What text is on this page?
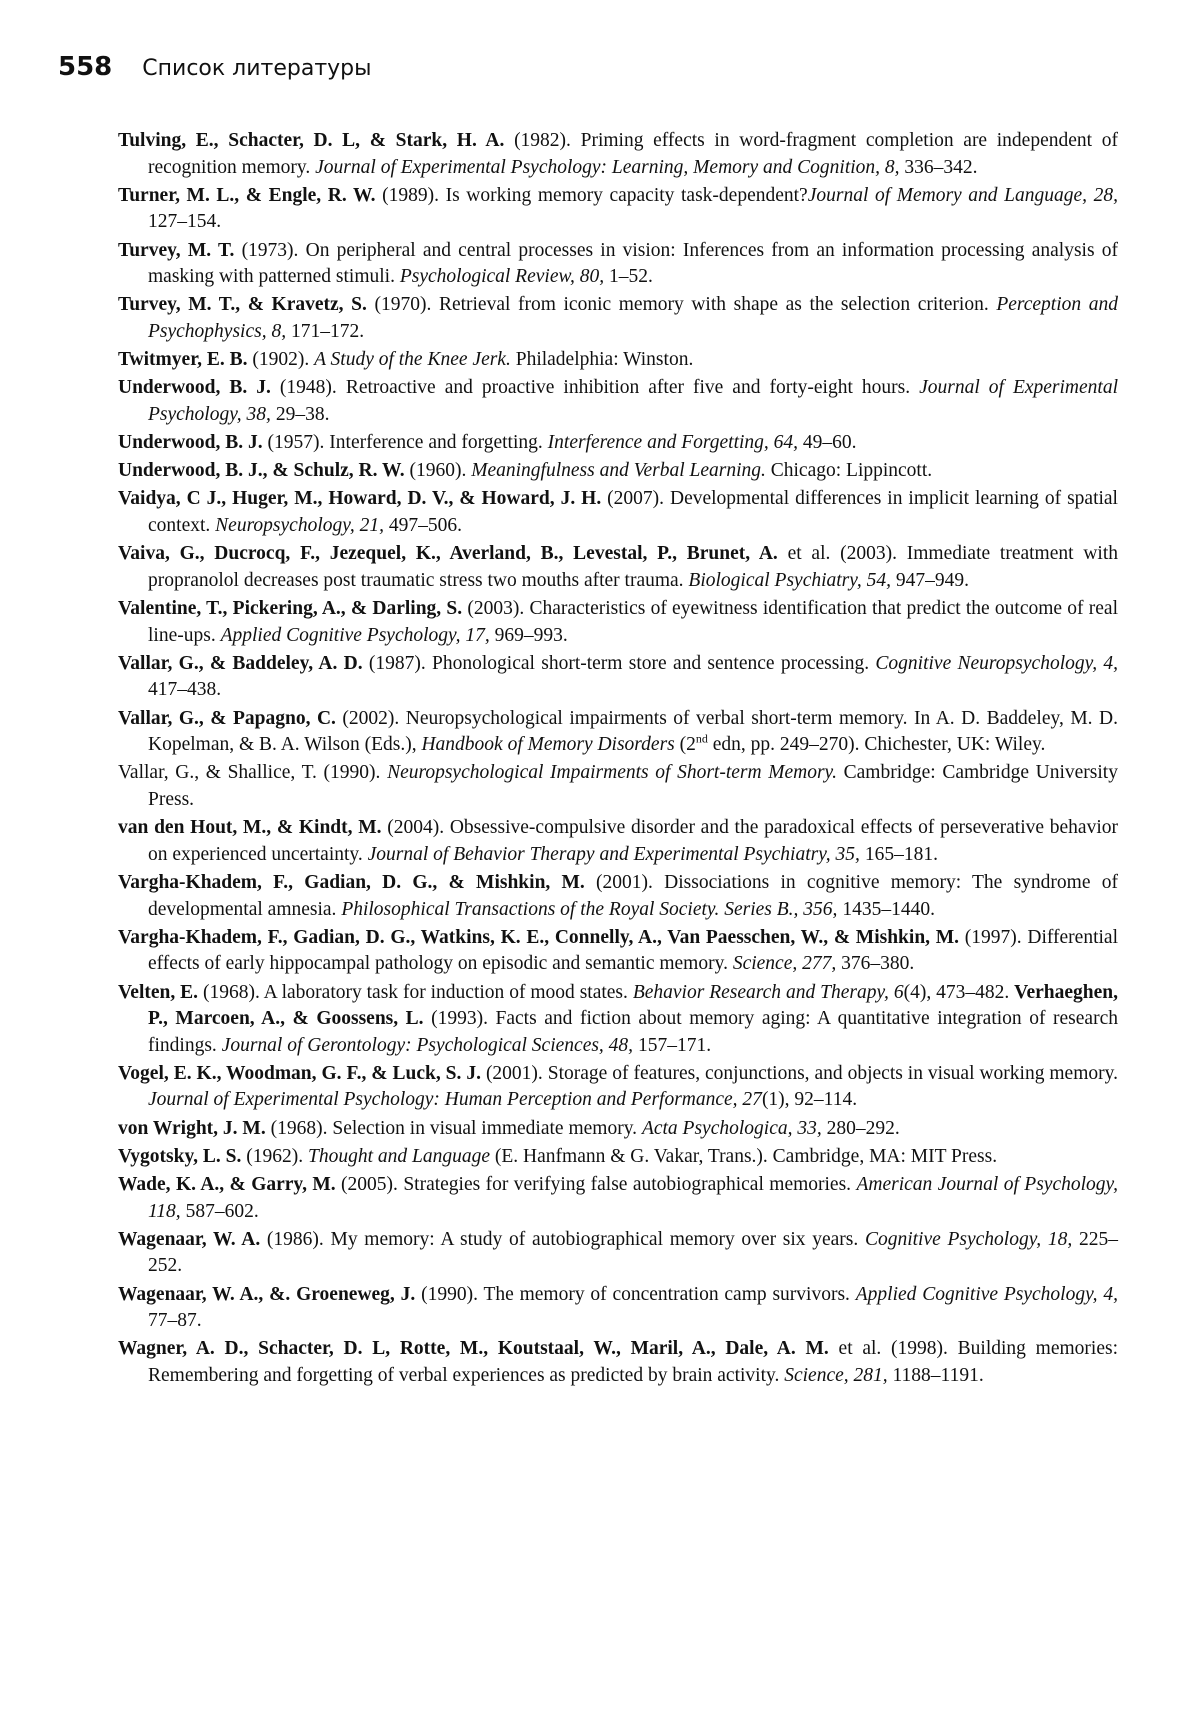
558 Список литературы

Tulving, E., Schacter, D. L, & Stark, H. A. (1982). Priming effects in word-fragment completion are independent of recognition memory. Journal of Experimental Psychology: Learning, Memory and Cognition, 8, 336–342.

Turner, M. L., & Engle, R. W. (1989). Is working memory capacity task-dependent?Journal of Memory and Language, 28, 127–154.

Turvey, M. T. (1973). On peripheral and central processes in vision: Inferences from an information processing analysis of masking with patterned stimuli. Psychological Review, 80, 1–52.

Turvey, M. T., & Kravetz, S. (1970). Retrieval from iconic memory with shape as the selection criterion. Perception and Psychophysics, 8, 171–172.

Twitmyer, E. B. (1902). A Study of the Knee Jerk. Philadelphia: Winston.

Underwood, B. J. (1948). Retroactive and proactive inhibition after five and forty-eight hours. Journal of Experimental Psychology, 38, 29–38.

Underwood, B. J. (1957). Interference and forgetting. Interference and Forgetting, 64, 49–60.

Underwood, B. J., & Schulz, R. W. (1960). Meaningfulness and Verbal Learning. Chicago: Lippincott.

Vaidya, C J., Huger, M., Howard, D. V., & Howard, J. H. (2007). Developmental differences in implicit learning of spatial context. Neuropsychology, 21, 497–506.

Vaiva, G., Ducrocq, F., Jezequel, K., Averland, B., Levestal, P., Brunet, A. et al. (2003). Immediate treatment with propranolol decreases post traumatic stress two mouths after trauma. Biological Psychiatry, 54, 947–949.

Valentine, T., Pickering, A., & Darling, S. (2003). Characteristics of eyewitness identification that predict the outcome of real line-ups. Applied Cognitive Psychology, 17, 969–993.

Vallar, G., & Baddeley, A. D. (1987). Phonological short-term store and sentence processing. Cognitive Neuropsychology, 4, 417–438.

Vallar, G., & Papagno, C. (2002). Neuropsychological impairments of verbal short-term memory. In A. D. Baddeley, M. D. Kopelman, & B. A. Wilson (Eds.), Handbook of Memory Disorders (2nd edn, pp. 249–270). Chichester, UK: Wiley.

Vallar, G., & Shallice, T. (1990). Neuropsychological Impairments of Short-term Memory. Cambridge: Cambridge University Press.

van den Hout, M., & Kindt, M. (2004). Obsessive-compulsive disorder and the paradoxical effects of perseverative behavior on experienced uncertainty. Journal of Behavior Therapy and Experimental Psychiatry, 35, 165–181.

Vargha-Khadem, F., Gadian, D. G., & Mishkin, M. (2001). Dissociations in cognitive memory: The syndrome of developmental amnesia. Philosophical Transactions of the Royal Society. Series B., 356, 1435–1440.

Vargha-Khadem, F., Gadian, D. G., Watkins, K. E., Connelly, A., Van Paesschen, W., & Mishkin, M. (1997). Differential effects of early hippocampal pathology on episodic and semantic memory. Science, 277, 376–380.

Velten, E. (1968). A laboratory task for induction of mood states. Behavior Research and Therapy, 6(4), 473–482. Verhaeghen, P., Marcoen, A., & Goossens, L. (1993). Facts and fiction about memory aging: A quantitative integration of research findings. Journal of Gerontology: Psychological Sciences, 48, 157–171.

Vogel, E. K., Woodman, G. F., & Luck, S. J. (2001). Storage of features, conjunctions, and objects in visual working memory. Journal of Experimental Psychology: Human Perception and Performance, 27(1), 92–114.

von Wright, J. M. (1968). Selection in visual immediate memory. Acta Psychologica, 33, 280–292.

Vygotsky, L. S. (1962). Thought and Language (E. Hanfmann & G. Vakar, Trans.). Cambridge, MA: MIT Press.

Wade, K. A., & Garry, M. (2005). Strategies for verifying false autobiographical memories. American Journal of Psychology, 118, 587–602.

Wagenaar, W. A. (1986). My memory: A study of autobiographical memory over six years. Cognitive Psychology, 18, 225–252.

Wagenaar, W. A., &. Groeneweg, J. (1990). The memory of concentration camp survivors. Applied Cognitive Psychology, 4, 77–87.

Wagner, A. D., Schacter, D. L, Rotte, M., Koutstaal, W., Maril, A., Dale, A. M. et al. (1998). Building memories: Remembering and forgetting of verbal experiences as predicted by brain activity. Science, 281, 1188–1191.
